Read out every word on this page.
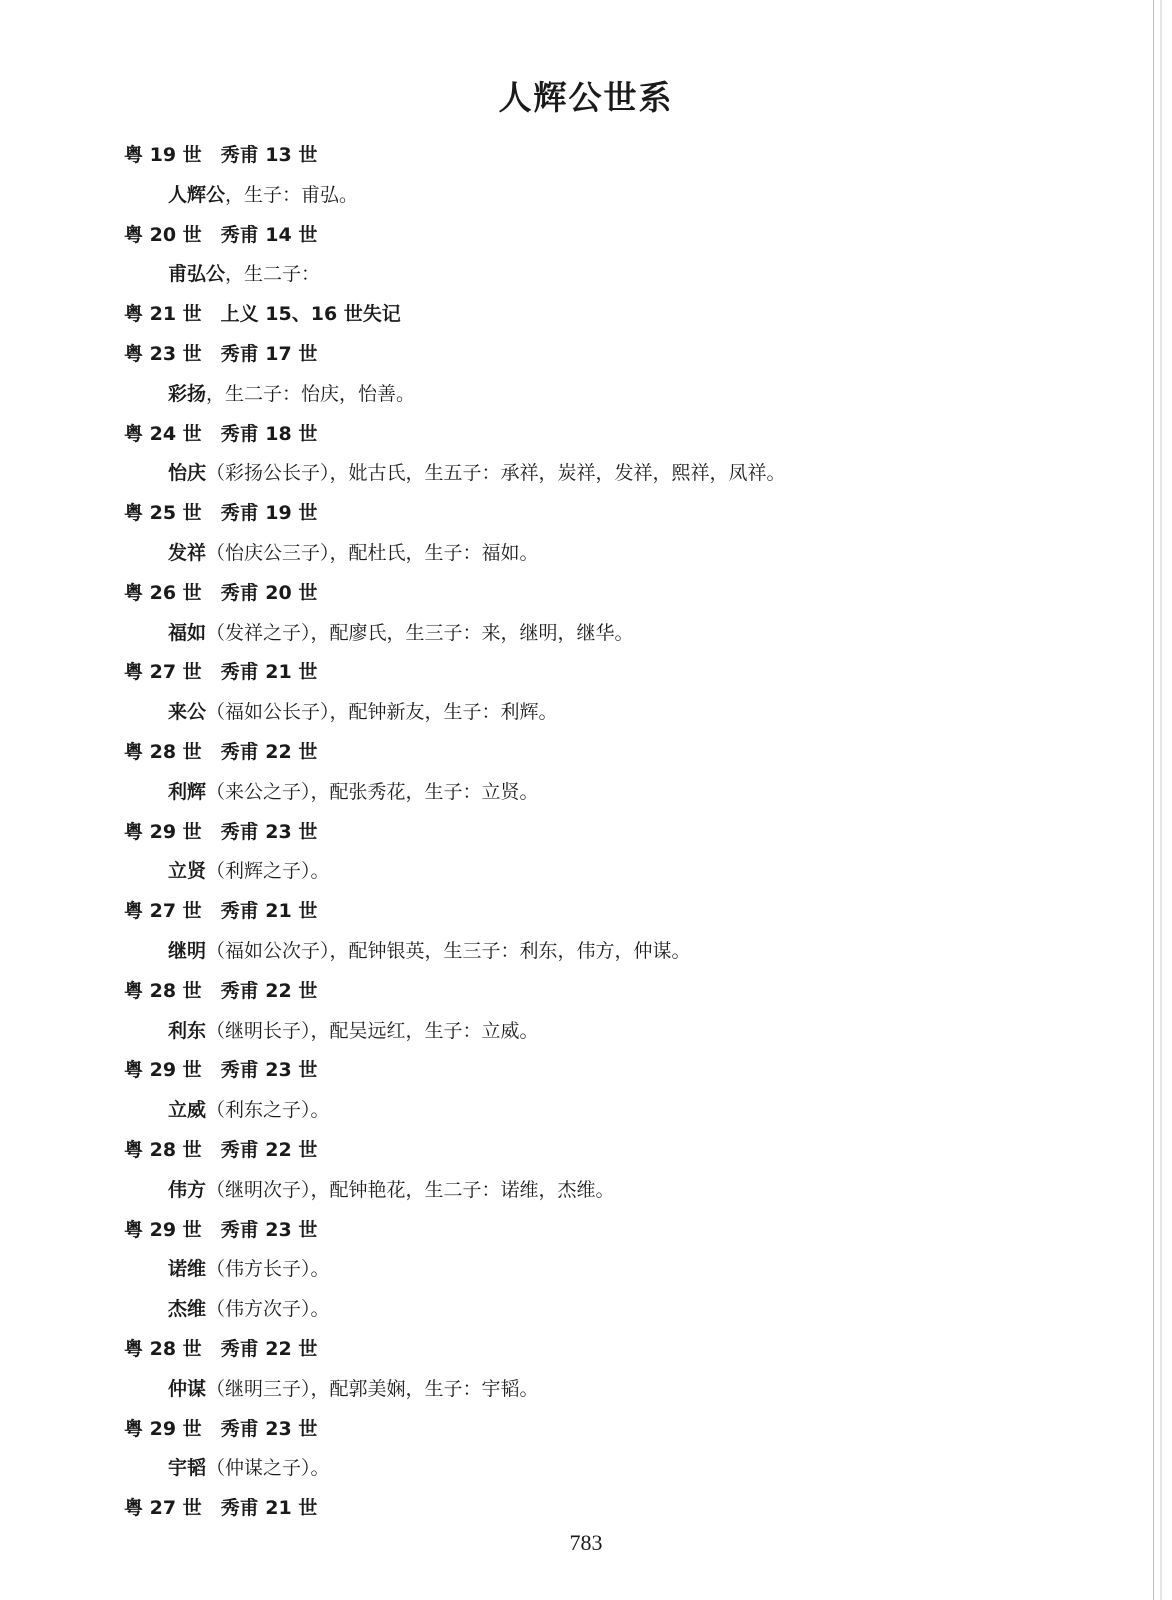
人辉公世系
粤 19 世　秀甫 13 世
人辉公，生子：甫弘。
粤 20 世　秀甫 14 世
甫弘公，生二子：
粤 21 世　上义 15、16 世失记
粤 23 世　秀甫 17 世
彩扬，生二子：怡庆，怡善。
粤 24 世　秀甫 18 世
怡庆（彩扬公长子），妣古氏，生五子：承祥，炭祥，发祥，熙祥，凤祥。
粤 25 世　秀甫 19 世
发祥（怡庆公三子），配杜氏，生子：福如。
粤 26 世　秀甫 20 世
福如（发祥之子），配廖氏，生三子：来，继明，继华。
粤 27 世　秀甫 21 世
来公（福如公长子），配钟新友，生子：利辉。
粤 28 世　秀甫 22 世
利辉（来公之子），配张秀花，生子：立贤。
粤 29 世　秀甫 23 世
立贤（利辉之子）。
粤 27 世　秀甫 21 世
继明（福如公次子），配钟银英，生三子：利东，伟方，仲谋。
粤 28 世　秀甫 22 世
利东（继明长子），配吴远红，生子：立威。
粤 29 世　秀甫 23 世
立威（利东之子）。
粤 28 世　秀甫 22 世
伟方（继明次子），配钟艳花，生二子：诺维，杰维。
粤 29 世　秀甫 23 世
诺维（伟方长子）。
杰维（伟方次子）。
粤 28 世　秀甫 22 世
仲谋（继明三子），配郭美娴，生子：宇韬。
粤 29 世　秀甫 23 世
宇韬（仲谋之子）。
粤 27 世　秀甫 21 世
783
